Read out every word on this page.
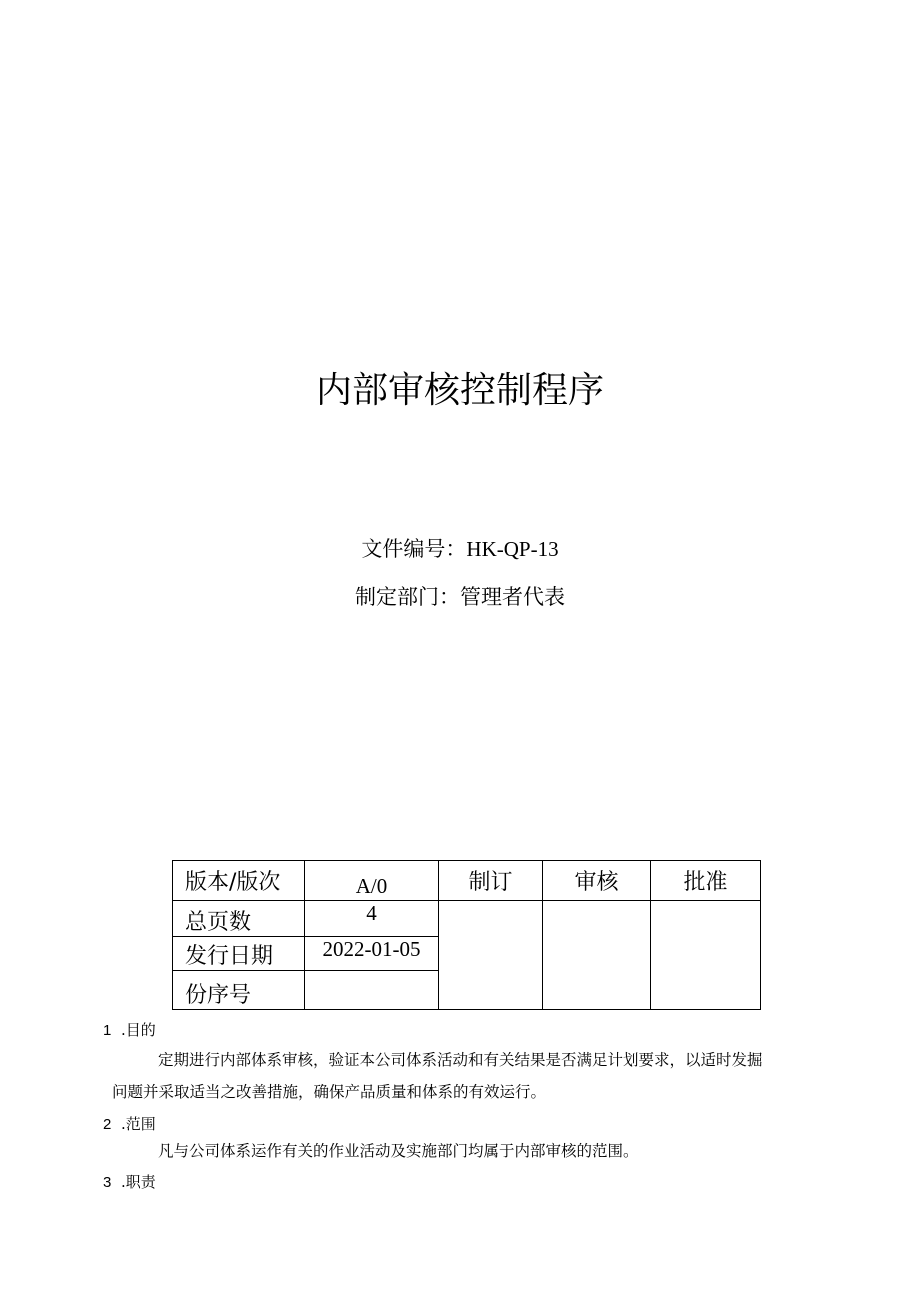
内部审核控制程序
文件编号：HK-QP-13
制定部门：管理者代表
版本/版次	A/0	制订	审核	批准
总页数	4			
发行日期	2022-01-05			
份序号				
1 .目的
定期进行内部体系审核，验证本公司体系活动和有关结果是否满足计划要求，以适时发掘
问题并采取适当之改善措施，确保产品质量和体系的有效运行。
2 .范围
凡与公司体系运作有关的作业活动及实施部门均属于内部审核的范围。
3 .职责
